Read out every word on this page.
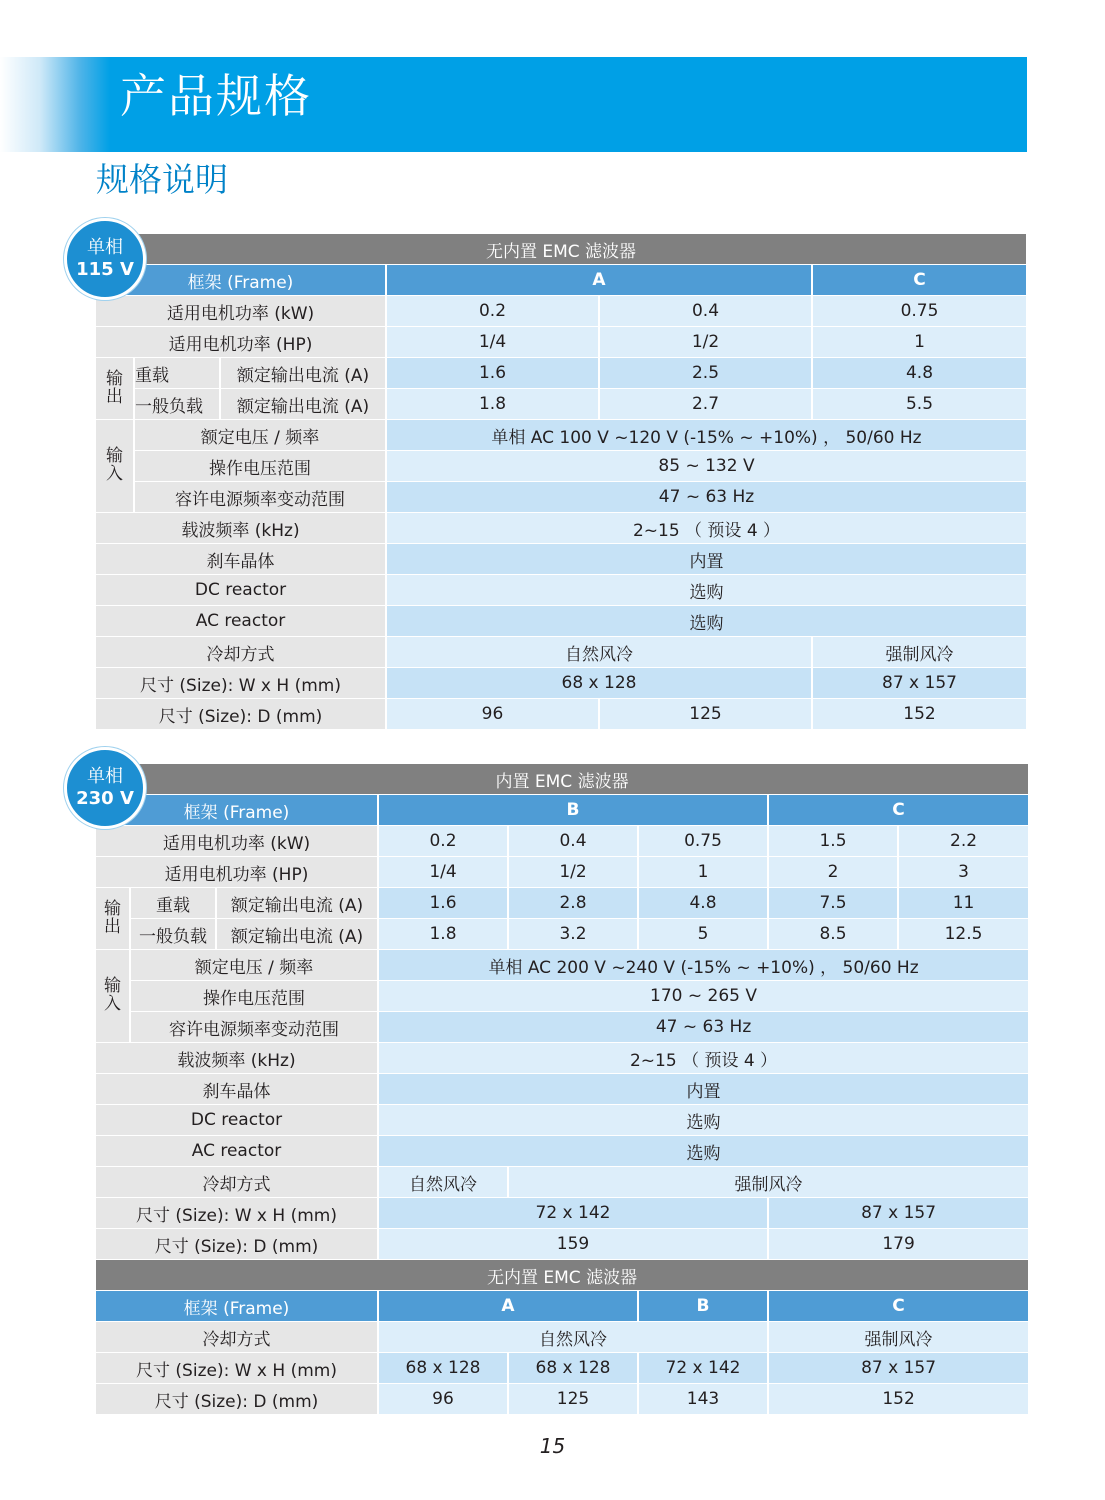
产品规格
规格说明
单相
115 V
无内置 EMC 滤波器					
框架 (Frame)			A		C
适用电机功率 (kW)			0.2	0.4	0.75
适用电机功率 (HP)			1/4	1/2	1
输
出	重载	额定输出电流 (A)	1.6	2.5	4.8
	一般负载	额定输出电流 (A)	1.8	2.7	5.5
输
入	额定电压 / 频率		单相 AC 100 V ~120 V (-15% ~ +10%) ， 50/60 Hz		
	操作电压范围		85 ~ 132 V		
	容许电源频率变动范围		47 ~ 63 Hz		
载波频率 (kHz)			2~15 （ 预设 4 ）		
刹车晶体			内置		
DC reactor			选购		
AC reactor			选购		
冷却方式			自然风冷		强制风冷
尺寸 (Size): W x H (mm)			68 x 128		87 x 157
尺寸 (Size): D (mm)			96	125	152
单相
230 V
内置 EMC 滤波器							
框架 (Frame)			B			C	
适用电机功率 (kW)			0.2	0.4	0.75	1.5	2.2
适用电机功率 (HP)			1/4	1/2	1	2	3
输
出	重载	额定输出电流 (A)	1.6	2.8	4.8	7.5	11
	一般负载	额定输出电流 (A)	1.8	3.2	5	8.5	12.5
输
入	额定电压 / 频率		单相 AC 200 V ~240 V (-15% ~ +10%) ， 50/60 Hz				
	操作电压范围		170 ~ 265 V				
	容许电源频率变动范围		47 ~ 63 Hz				
载波频率 (kHz)			2~15 （ 预设 4 ）				
刹车晶体			内置				
DC reactor			选购				
AC reactor			选购				
冷却方式			自然风冷	强制风冷			
尺寸 (Size): W x H (mm)			72 x 142			87 x 157	
尺寸 (Size): D (mm)			159			179	
无内置 EMC 滤波器							
框架 (Frame)			A		B	C	
冷却方式			自然风冷			强制风冷	
尺寸 (Size): W x H (mm)			68 x 128	68 x 128	72 x 142	87 x 157	
尺寸 (Size): D (mm)			96	125	143	152	
15
